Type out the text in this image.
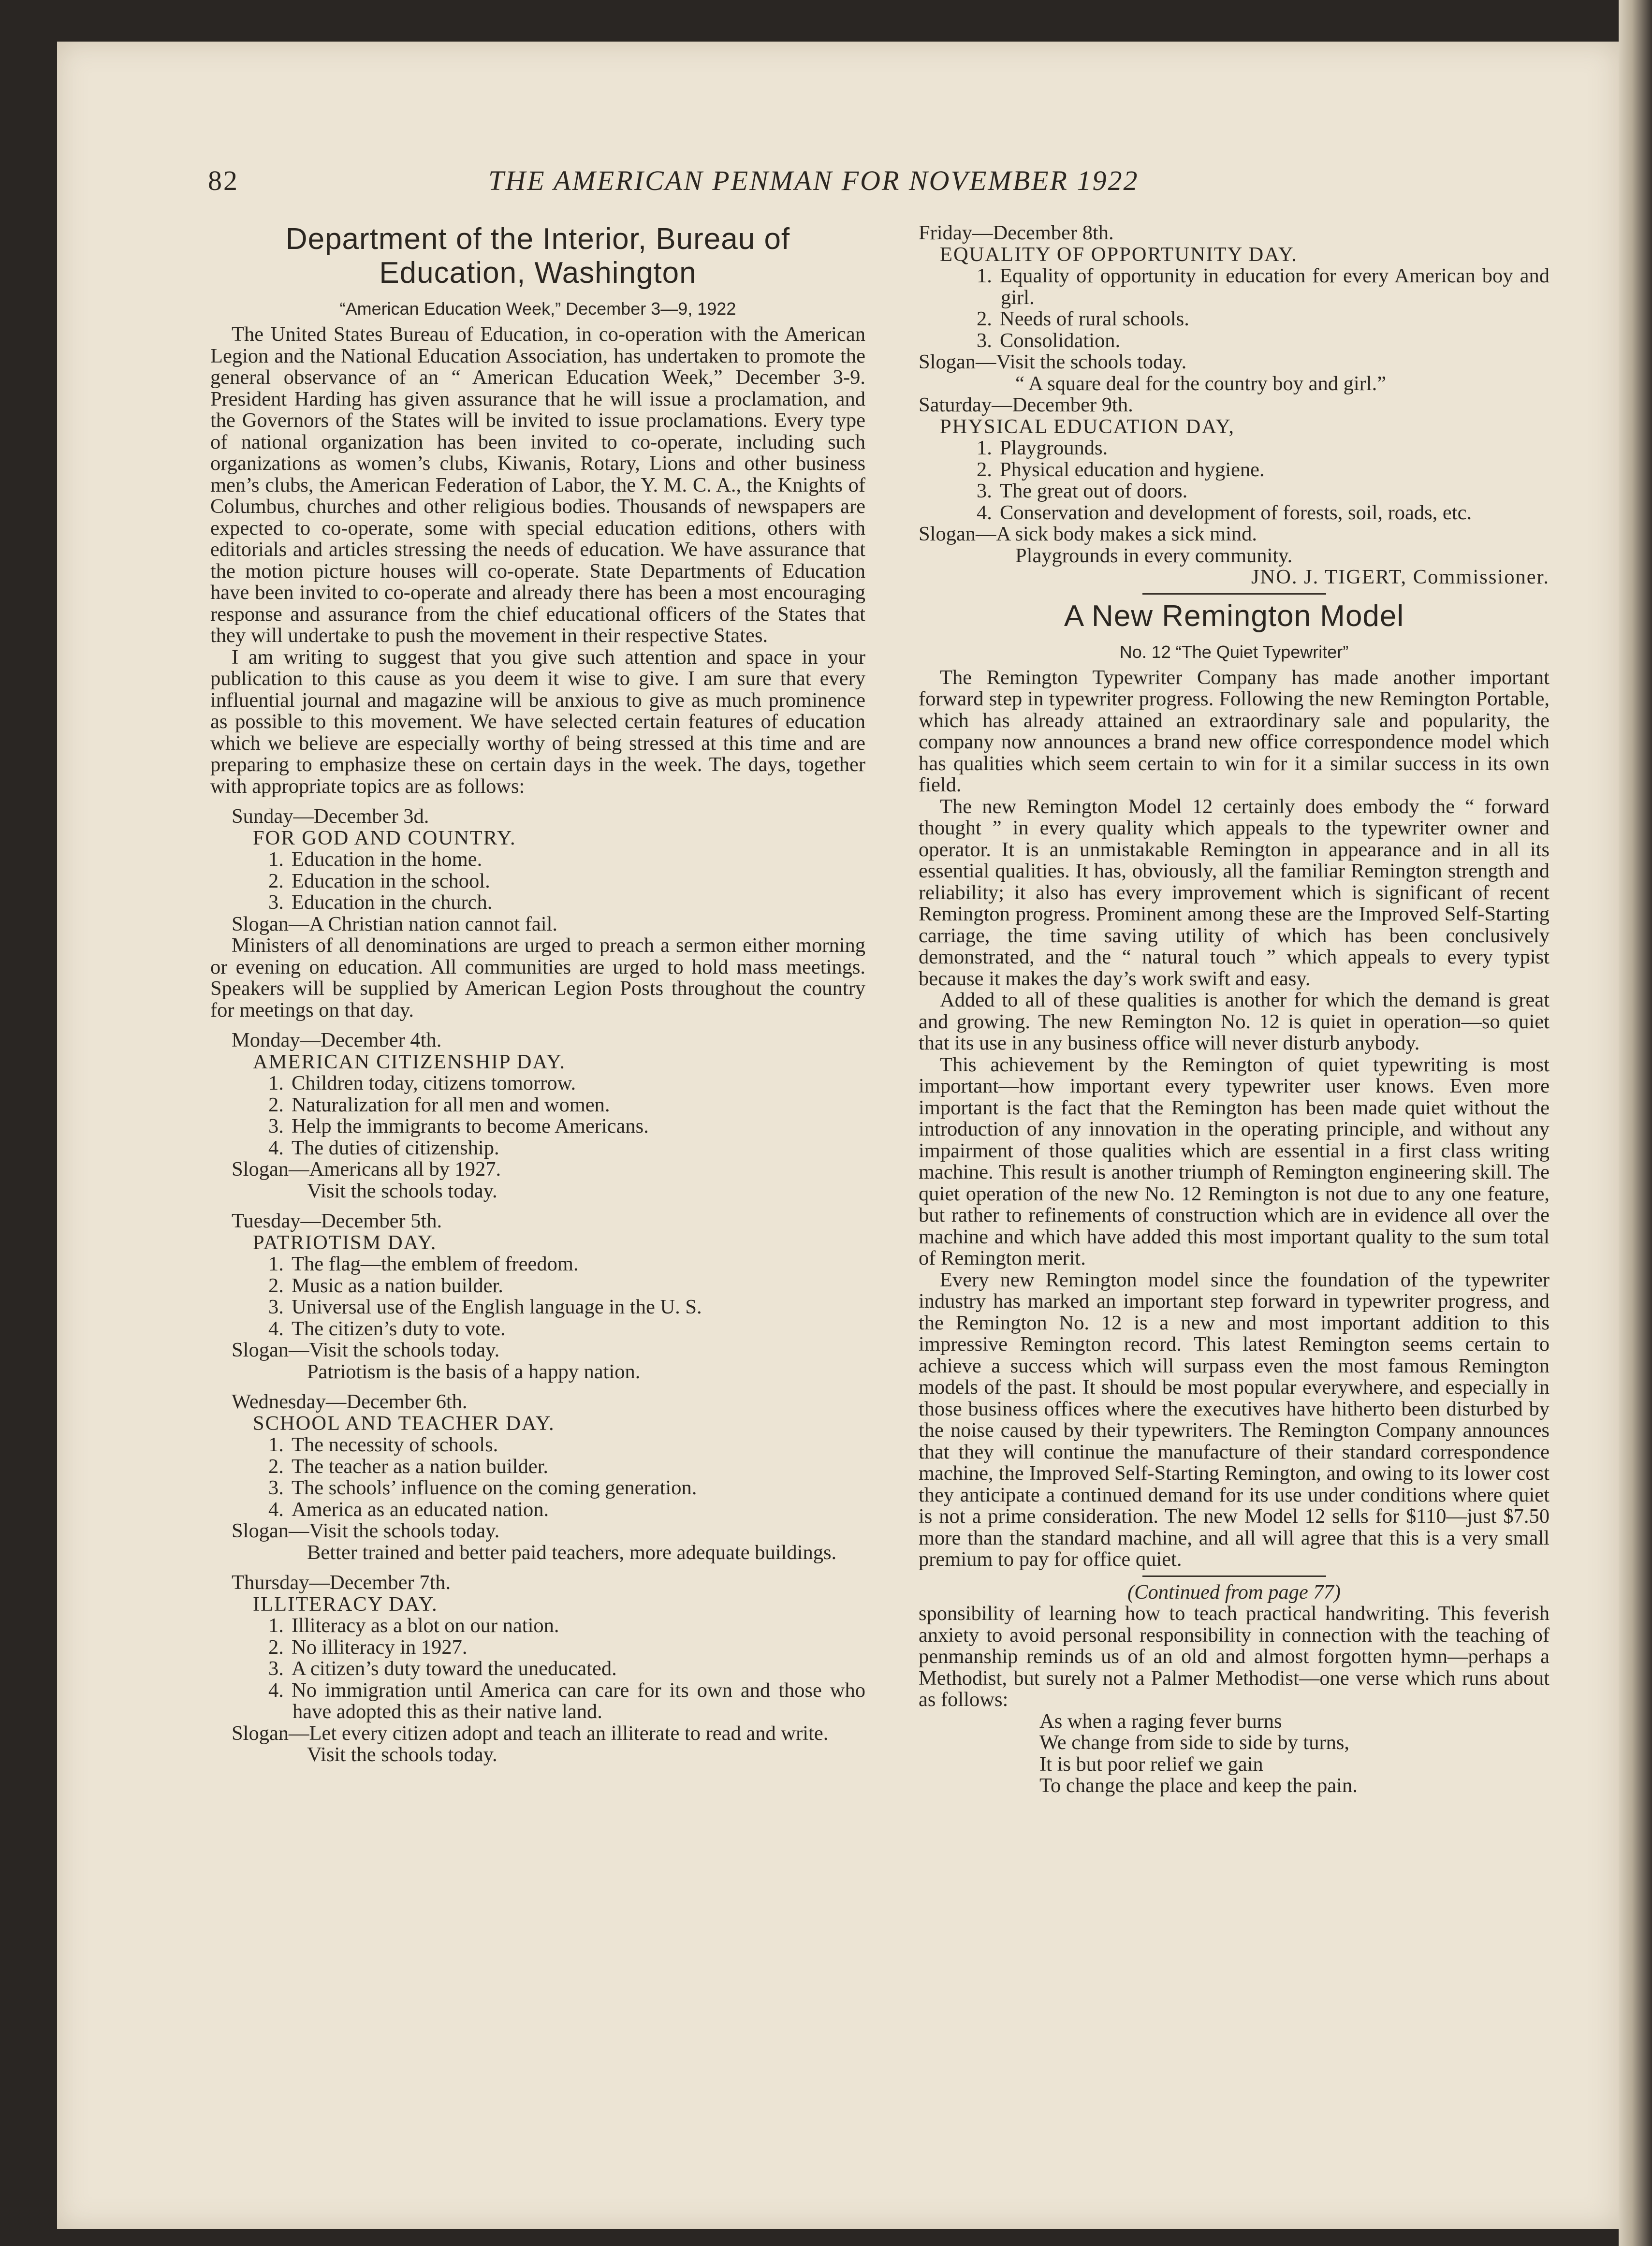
82	THE AMERICAN PENMAN FOR NOVEMBER 1922
Department of the Interior, Bureau of
Education, Washington
“American Education Week,” December 3—9, 1922

The United States Bureau of Education, in co-operation with the American Legion and the National Education Association, has undertaken to promote the general observance of an “ American Education Week,” December 3-9. President Harding has given assurance that he will issue a proclamation, and the Governors of the States will be invited to issue proclamations. Every type of national organization has been invited to co-operate, including such organizations as women’s clubs, Kiwanis, Rotary, Lions and other business men’s clubs, the American Federation of Labor, the Y. M. C. A., the Knights of Columbus, churches and other religious bodies. Thousands of newspapers are expected to co-operate, some with special education editions, others with editorials and articles stressing the needs of education. We have assurance that the motion picture houses will co-operate. State Departments of Education have been invited to co-operate and already there has been a most encouraging response and assurance from the chief educational officers of the States that they will undertake to push the movement in their respective States.

I am writing to suggest that you give such attention and space in your publication to this cause as you deem it wise to give. I am sure that every influential journal and magazine will be anxious to give as much prominence as possible to this movement. We have selected certain features of education which we believe are especially worthy of being stressed at this time and are preparing to emphasize these on certain days in the week. The days, together with appropriate topics are as follows:

Sunday—December 3d.
FOR GOD AND COUNTRY.
1. Education in the home.
2. Education in the school.
3. Education in the church.
Slogan—A Christian nation cannot fail.

Ministers of all denominations are urged to preach a sermon either morning or evening on education. All communities are urged to hold mass meetings. Speakers will be supplied by American Legion Posts throughout the country for meetings on that day.

Monday—December 4th.
AMERICAN CITIZENSHIP DAY.
1. Children today, citizens tomorrow.
2. Naturalization for all men and women.
3. Help the immigrants to become Americans.
4. The duties of citizenship.
Slogan—Americans all by 1927.
Visit the schools today.
Tuesday—December 5th.
PATRIOTISM DAY.
1. The flag—the emblem of freedom.
2. Music as a nation builder.
3. Universal use of the English language in the U. S.
4. The citizen’s duty to vote.
Slogan—Visit the schools today.
Patriotism is the basis of a happy nation.
Wednesday—December 6th.
SCHOOL AND TEACHER DAY.
1. The necessity of schools.
2. The teacher as a nation builder.
3. The schools’ influence on the coming generation.
4. America as an educated nation.
Slogan—Visit the schools today.
Better trained and better paid teachers, more adequate buildings.
Thursday—December 7th.
ILLITERACY DAY.
1. Illiteracy as a blot on our nation.
2. No illiteracy in 1927.
3. A citizen’s duty toward the uneducated.
4. No immigration until America can care for its own and those who have adopted this as their native land.
Slogan—Let every citizen adopt and teach an illiterate to read and write.
Visit the schools today.
Friday—December 8th.
EQUALITY OF OPPORTUNITY DAY.
1. Equality of opportunity in education for every American boy and girl.
2. Needs of rural schools.
3. Consolidation.
Slogan—Visit the schools today.
“ A square deal for the country boy and girl.”
Saturday—December 9th.
PHYSICAL EDUCATION DAY,
1. Playgrounds.
2. Physical education and hygiene.
3. The great out of doors.
4. Conservation and development of forests, soil, roads, etc.
Slogan—A sick body makes a sick mind.
Playgrounds in every community.
JNO. J. TIGERT, Commissioner.
A New Remington Model
No. 12 “The Quiet Typewriter”

The Remington Typewriter Company has made another important forward step in typewriter progress. Following the new Remington Portable, which has already attained an extraordinary sale and popularity, the company now announces a brand new office correspondence model which has qualities which seem certain to win for it a similar success in its own field.

The new Remington Model 12 certainly does embody the “ forward thought ” in every quality which appeals to the typewriter owner and operator. It is an unmistakable Remington in appearance and in all its essential qualities. It has, obviously, all the familiar Remington strength and reliability; it also has every improvement which is significant of recent Remington progress. Prominent among these are the Improved Self-Starting carriage, the time saving utility of which has been conclusively demonstrated, and the “ natural touch ” which appeals to every typist because it makes the day’s work swift and easy.

Added to all of these qualities is another for which the demand is great and growing. The new Remington No. 12 is quiet in operation—so quiet that its use in any business office will never disturb anybody.

This achievement by the Remington of quiet typewriting is most important—how important every typewriter user knows. Even more important is the fact that the Remington has been made quiet without the introduction of any innovation in the operating principle, and without any impairment of those qualities which are essential in a first class writing machine. This result is another triumph of Remington engineering skill. The quiet operation of the new No. 12 Remington is not due to any one feature, but rather to refinements of construction which are in evidence all over the machine and which have added this most important quality to the sum total of Remington merit.

Every new Remington model since the foundation of the typewriter industry has marked an important step forward in typewriter progress, and the Remington No. 12 is a new and most important addition to this impressive Remington record. This latest Remington seems certain to achieve a success which will surpass even the most famous Remington models of the past. It should be most popular everywhere, and especially in those business offices where the executives have hitherto been disturbed by the noise caused by their typewriters. The Remington Company announces that they will continue the manufacture of their standard correspondence machine, the Improved Self-Starting Remington, and owing to its lower cost they anticipate a continued demand for its use under conditions where quiet is not a prime consideration. The new Model 12 sells for $110—just $7.50 more than the standard machine, and all will agree that this is a very small premium to pay for office quiet.

(Continued from page 77)

sponsibility of learning how to teach practical handwriting. This feverish anxiety to avoid personal responsibility in connection with the teaching of penmanship reminds us of an old and almost forgotten hymn—perhaps a Methodist, but surely not a Palmer Methodist—one verse which runs about as follows:

As when a raging fever burns
We change from side to side by turns,
It is but poor relief we gain
To change the place and keep the pain.
